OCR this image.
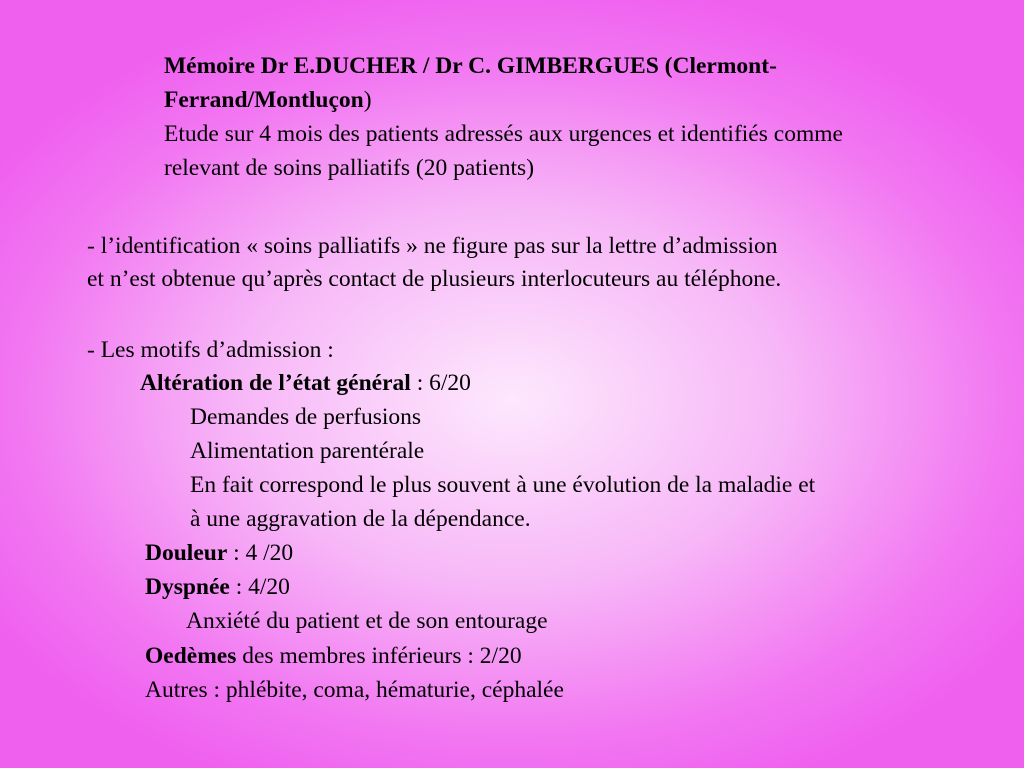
Mémoire Dr E.DUCHER / Dr C. GIMBERGUES (Clermont-
Ferrand/Montluçon)
Etude sur 4 mois des patients adressés aux urgences et identifiés comme
relevant de soins palliatifs (20 patients)
- l’identification « soins palliatifs » ne figure pas sur la lettre d’admission
et n’est obtenue qu’après contact de plusieurs interlocuteurs au téléphone.
- Les motifs d’admission :
Altération de l’état général : 6/20
Demandes de perfusions
Alimentation parentérale
En fait correspond le plus souvent à une évolution de la maladie et
à une aggravation de la dépendance.
Douleur : 4 /20
Dyspnée : 4/20
Anxiété du patient et de son entourage
Oedèmes des membres inférieurs : 2/20
Autres : phlébite, coma, hématurie, céphalée
